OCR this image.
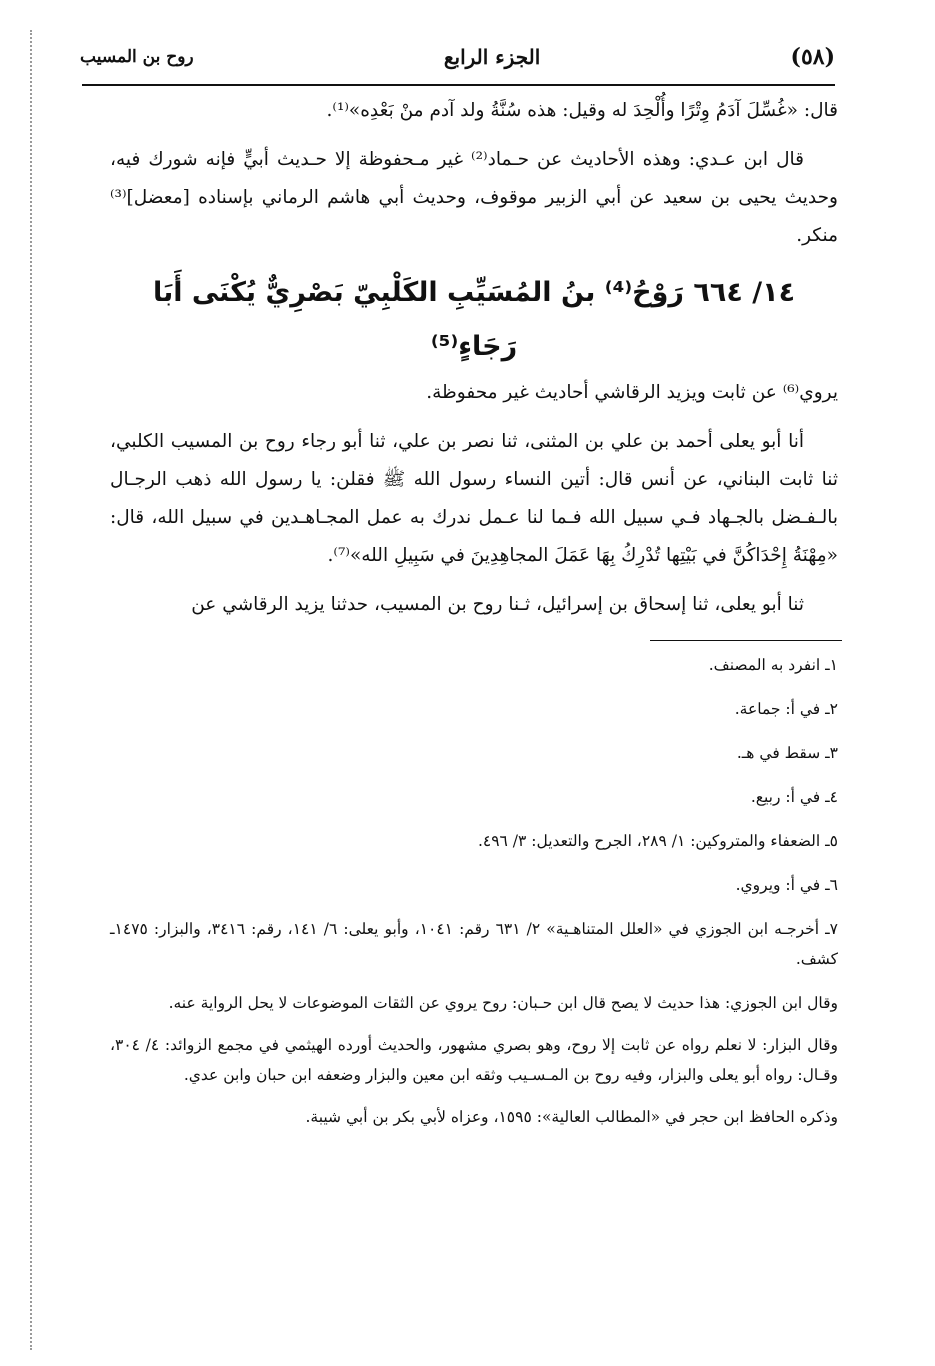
(٥٨)
الجزء الرابع
روح بن المسيب

قال: «غُسِّلَ آدَمُ وِتْرًا وأُلْحِدَ له وقيل: هذه سُنَّةُ ولد آدم منْ بَعْدِه»⁽¹⁾.

قال ابن عـدي: وهذه الأحاديث عن حـماد⁽²⁾ غير مـحفوظة إلا حـديث أبيٍّ فإنه شورك فيه، وحديث يحيى بن سعيد عن أبي الزبير موقوف، وحديث أبي هاشم الرماني بإسناده [معضل]⁽³⁾ منكر.

١٤/ ٦٦٤ رَوْحُ⁽⁴⁾ بنُ المُسَيِّبِ الكَلْبِيّ بَصْرِيٌّ يُكْنَى أَبَا رَجَاءٍ⁽⁵⁾

يروي⁽⁶⁾ عن ثابت ويزيد الرقاشي أحاديث غير محفوظة.

أنا أبو يعلى أحمد بن علي بن المثنى، ثنا نصر بن علي، ثنا أبو رجاء روح بن المسيب الكلبي، ثنا ثابت البناني، عن أنس قال: أتين النساء رسول الله ﷺ فقلن: يا رسول الله ذهب الرجـال بالـفـضل بالجـهاد فـي سبيل الله فـما لنا عـمل ندرك به عمل المجـاهـدين في سبيل الله، قال: «مِهْنَةُ إِحْدَاكُنَّ في بَيْتِها تُدْرِكُ بِهَا عَمَلَ المجاهِدِينَ في سَبِيلِ الله»⁽⁷⁾.

ثنا أبو يعلى، ثنا إسحاق بن إسرائيل، ثـنا روح بن المسيب، حدثنا يزيد الرقاشي عن

١ـ انفرد به المصنف.

٢ـ في أ: جماعة.

٣ـ سقط في هـ.

٤ـ في أ: ربيع.

٥ـ الضعفاء والمتروكين: ١/ ٢٨٩، الجرح والتعديل: ٣/ ٤٩٦.

٦ـ في أ: ويروي.

٧ـ أخرجـه ابن الجوزي في «العلل المتناهـية» ٢/ ٦٣١ رقم: ١٠٤١، وأبو يعلى: ٦/ ١٤١، رقم: ٣٤١٦، والبزار: ١٤٧٥ـ كشف.

وقال ابن الجوزي: هذا حديث لا يصح قال ابن حـبان: روح يروي عن الثقات الموضوعات لا يحل الرواية عنه.

وقال البزار: لا نعلم رواه عن ثابت إلا روح، وهو بصري مشهور، والحديث أورده الهيثمي في مجمع الزوائد: ٤/ ٣٠٤، وقـال: رواه أبو يعلى والبزار، وفيه روح بن المـسـيب وثقه ابن معين والبزار وضعفه ابن حبان وابن عدي.

وذكره الحافظ ابن حجر في «المطالب العالية»: ١٥٩٥، وعزاه لأبي بكر بن أبي شيبة.
